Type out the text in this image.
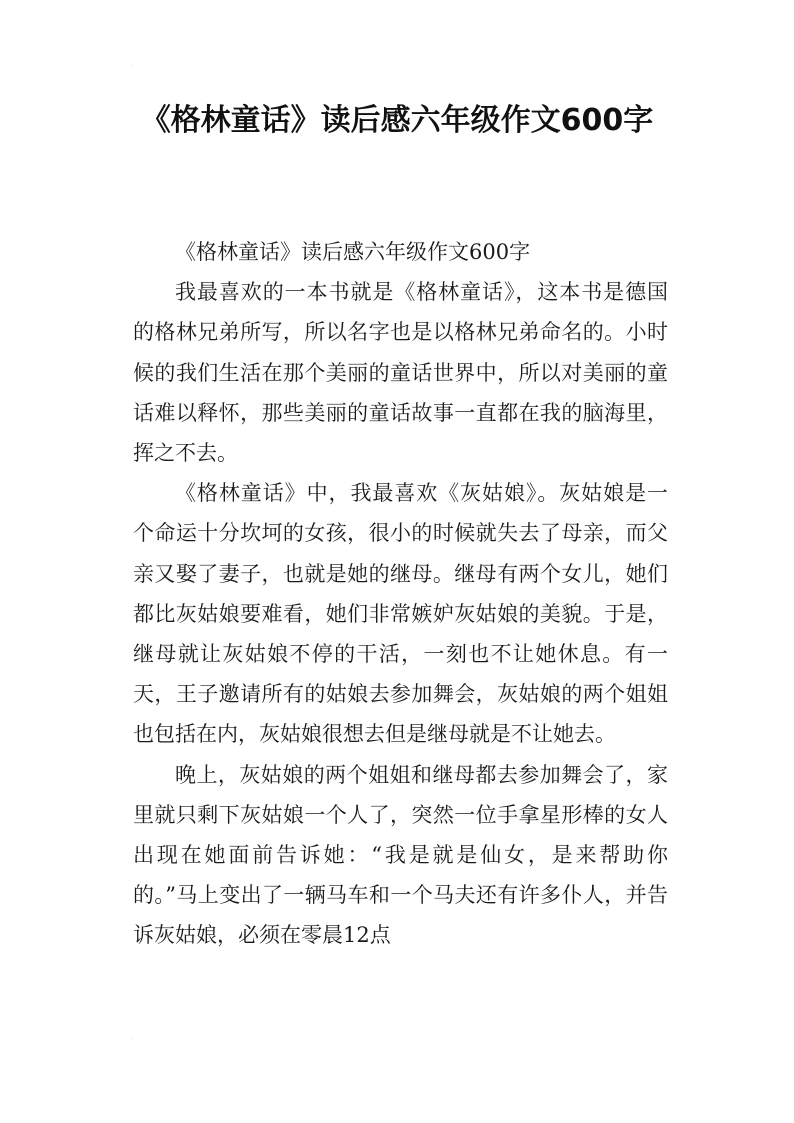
.
.
《格林童话》读后感六年级作文600字

《格林童话》读后感六年级作文600字

我最喜欢的一本书就是《格林童话》，这本书是德国的格林兄弟所写，所以名字也是以格林兄弟命名的。小时候的我们生活在那个美丽的童话世界中，所以对美丽的童话难以释怀，那些美丽的童话故事一直都在我的脑海里，挥之不去。

《格林童话》中，我最喜欢《灰姑娘》。灰姑娘是一个命运十分坎坷的女孩，很小的时候就失去了母亲，而父亲又娶了妻子，也就是她的继母。继母有两个女儿，她们都比灰姑娘要难看，她们非常嫉妒灰姑娘的美貌。于是，继母就让灰姑娘不停的干活，一刻也不让她休息。有一天，王子邀请所有的姑娘去参加舞会，灰姑娘的两个姐姐也包括在内，灰姑娘很想去但是继母就是不让她去。

晚上，灰姑娘的两个姐姐和继母都去参加舞会了，家里就只剩下灰姑娘一个人了，突然一位手拿星形棒的女人出现在她面前告诉她：“我是就是仙女，是来帮助你的。”马上变出了一辆马车和一个马夫还有许多仆人，并告诉灰姑娘，必须在零晨12点
